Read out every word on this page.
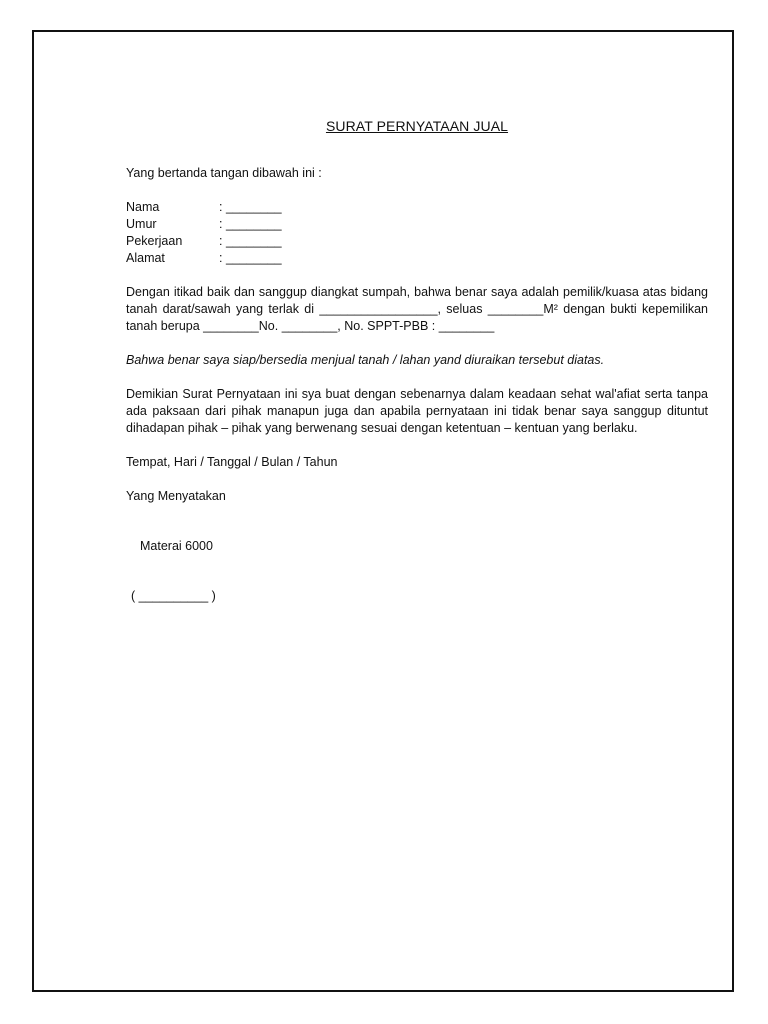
SURAT PERNYATAAN JUAL
Yang bertanda tangan dibawah ini :
Nama	: ________
Umur	: ________
Pekerjaan	: ________
Alamat	: ________
Dengan itikad baik dan sanggup diangkat sumpah, bahwa benar saya adalah pemilik/kuasa atas bidang tanah darat/sawah yang terlak di _________________, seluas ________M² dengan bukti kepemilikan tanah berupa ________No. ________, No. SPPT-PBB : ________
Bahwa benar saya siap/bersedia menjual tanah / lahan yand diuraikan tersebut diatas.
Demikian Surat Pernyataan ini sya buat dengan sebenarnya dalam keadaan sehat wal'afiat serta tanpa ada paksaan dari pihak manapun juga dan apabila pernyataan ini tidak benar saya sanggup dituntut dihadapan pihak – pihak yang berwenang sesuai dengan ketentuan – kentuan yang berlaku.
Tempat, Hari / Tanggal / Bulan / Tahun
Yang Menyatakan
Materai 6000
( __________ )
